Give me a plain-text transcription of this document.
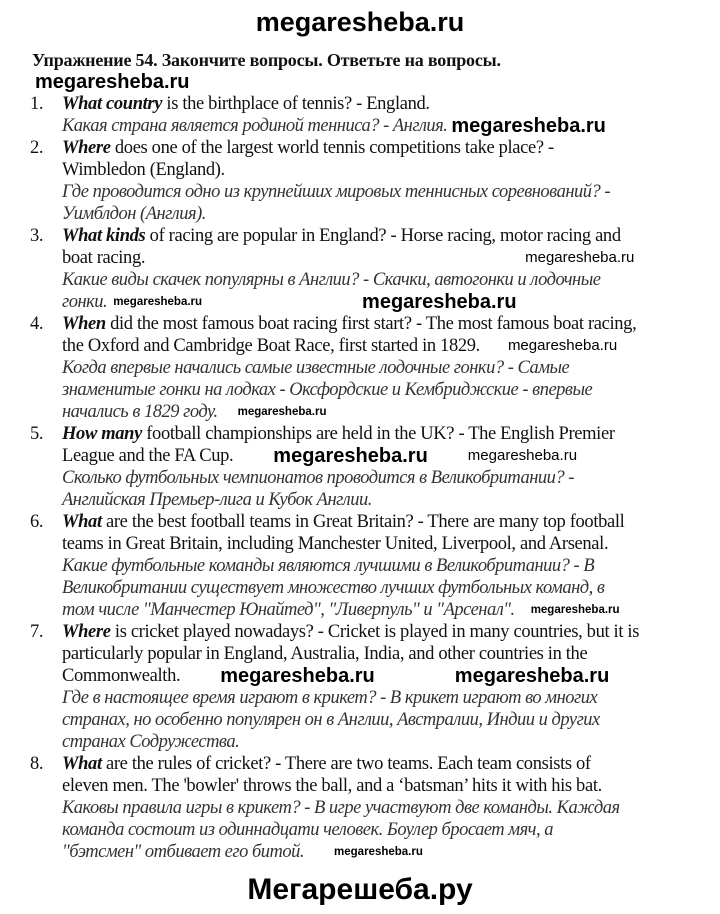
megaresheba.ru
Упражнение 54. Закончите вопросы. Ответьте на вопросы.
megaresheba.ru
1. What country is the birthplace of tennis? - England.
Какая страна является родиной тенниса? - Англия. megaresheba.ru
2. Where does one of the largest world tennis competitions take place? -
Wimbledon (England).
Где проводится одно из крупнейших мировых теннисных соревнований? -
Уимблдон (Англия).
3. What kinds of racing are popular in England? - Horse racing, motor racing and
boat racing.	megaresheba.ru
Какие виды скачек популярны в Англии? - Скачки, автогонки и лодочные
гонки. megaresheba.ru	megaresheba.ru
4. When did the most famous boat racing first start? - The most famous boat racing,
the Oxford and Cambridge Boat Race, first started in 1829. megaresheba.ru
Когда впервые начались самые известные лодочные гонки? - Самые
знаменитые гонки на лодках - Оксфордские и Кембриджские - впервые
начались в 1829 году. megaresheba.ru
5. How many football championships are held in the UK? - The English Premier
League and the FA Cup. megaresheba.ru	megaresheba.ru
Сколько футбольных чемпионатов проводится в Великобритании? -
Английская Премьер-лига и Кубок Англии.
6. What are the best football teams in Great Britain? - There are many top football
teams in Great Britain, including Manchester United, Liverpool, and Arsenal.
Какие футбольные команды являются лучшими в Великобритании? - В
Великобритании существует множество лучших футбольных команд, в
том числе "Манчестер Юнайтед", "Ливерпуль" и "Арсенал". megaresheba.ru
7. Where is cricket played nowadays? - Cricket is played in many countries, but it is
particularly popular in England, Australia, India, and other countries in the
Commonwealth. megaresheba.ru	megaresheba.ru
Где в настоящее время играют в крикет? - В крикет играют во многих
странах, но особенно популярен он в Англии, Австралии, Индии и других
странах Содружества.
8. What are the rules of cricket? - There are two teams. Each team consists of
eleven men. The 'bowler' throws the ball, and a ‘batsman’ hits it with his bat.
Каковы правила игры в крикет? - В игре участвуют две команды. Каждая
команда состоит из одиннадцати человек. Боулер бросает мяч, а
"бэтсмен" отбивает его битой.	megaresheba.ru
Мегарешеба.ру
